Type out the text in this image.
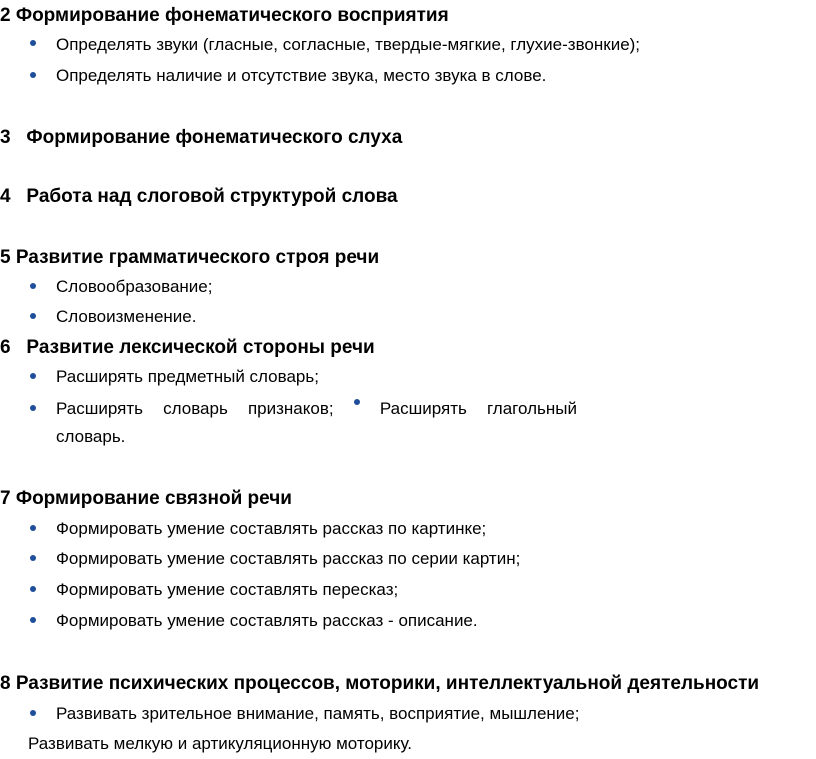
2 Формирование фонематического восприятия
Определять звуки (гласные, согласные, твердые-мягкие, глухие-звонкие);
Определять наличие и отсутствие звука, место звука в слове.
3   Формирование фонематического слуха
4   Работа над слоговой структурой слова
5 Развитие грамматического строя речи
Словообразование;
Словоизменение.
6   Развитие лексической стороны речи
Расширять предметный словарь;
Расширять словарь признаков;	Расширять глагольный
словарь.
7 Формирование связной речи
Формировать умение составлять рассказ по картинке;
Формировать умение составлять рассказ по серии картин;
Формировать умение составлять пересказ;
Формировать умение составлять рассказ - описание.
8 Развитие психических процессов, моторики, интеллектуальной деятельности
Развивать зрительное внимание, память, восприятие, мышление;
Развивать мелкую и артикуляционную моторику.
